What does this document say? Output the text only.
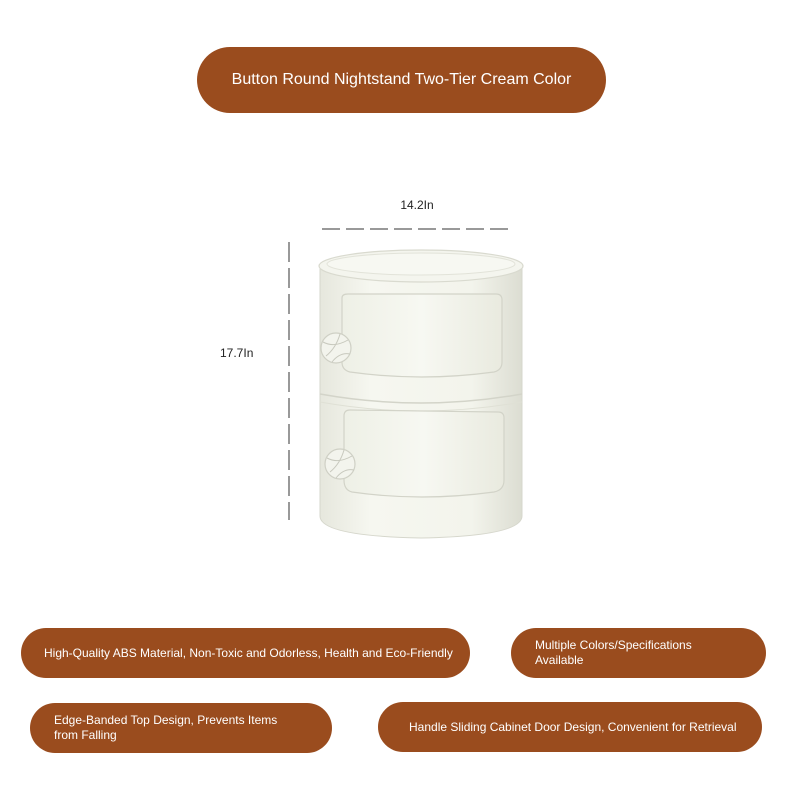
Button Round Nightstand Two-Tier Cream Color
14.2In
17.7In
High-Quality ABS Material, Non-Toxic and Odorless, Health and Eco-Friendly
Multiple Colors/Specifications Available
Edge-Banded Top Design, Prevents Items from Falling
Handle Sliding Cabinet Door Design, Convenient for Retrieval
